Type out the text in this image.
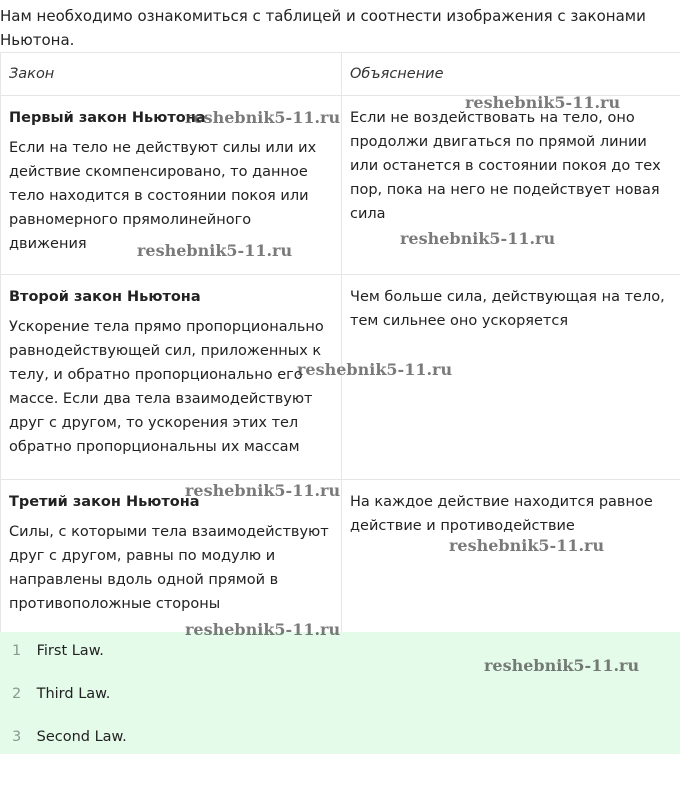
Нам необходимо ознакомиться с таблицей и соотнести изображения с законами Ньютона.
Закон	Объяснение

Первый закон Ньютона
Если на тело не действуют силы или их действие скомпенсировано, то данное тело находится в состоянии покоя или равномерного прямолинейного движения	Если не воздействовать на тело, оно продолжи двигаться по прямой линии или останется в состоянии покоя до тех пор, пока на него не подействует новая сила

Второй закон Ньютона
Ускорение тела прямо пропорционально равнодействующей сил, приложенных к телу, и обратно пропорционально его массе. Если два тела взаимодействуют друг с другом, то ускорения этих тел обратно пропорциональны их массам	Чем больше сила, действующая на тело, тем сильнее оно ускоряется

Третий закон Ньютона
Силы, с которыми тела взаимодействуют друг с другом, равны по модулю и направлены вдоль одной прямой в противоположные стороны	На каждое действие находится равное действие и противодействие
1 First Law.
2 Third Law.
3 Second Law.
reshebnik5-11.ru
reshebnik5-11.ru
reshebnik5-11.ru
reshebnik5-11.ru
reshebnik5-11.ru
reshebnik5-11.ru
reshebnik5-11.ru
reshebnik5-11.ru
reshebnik5-11.ru
